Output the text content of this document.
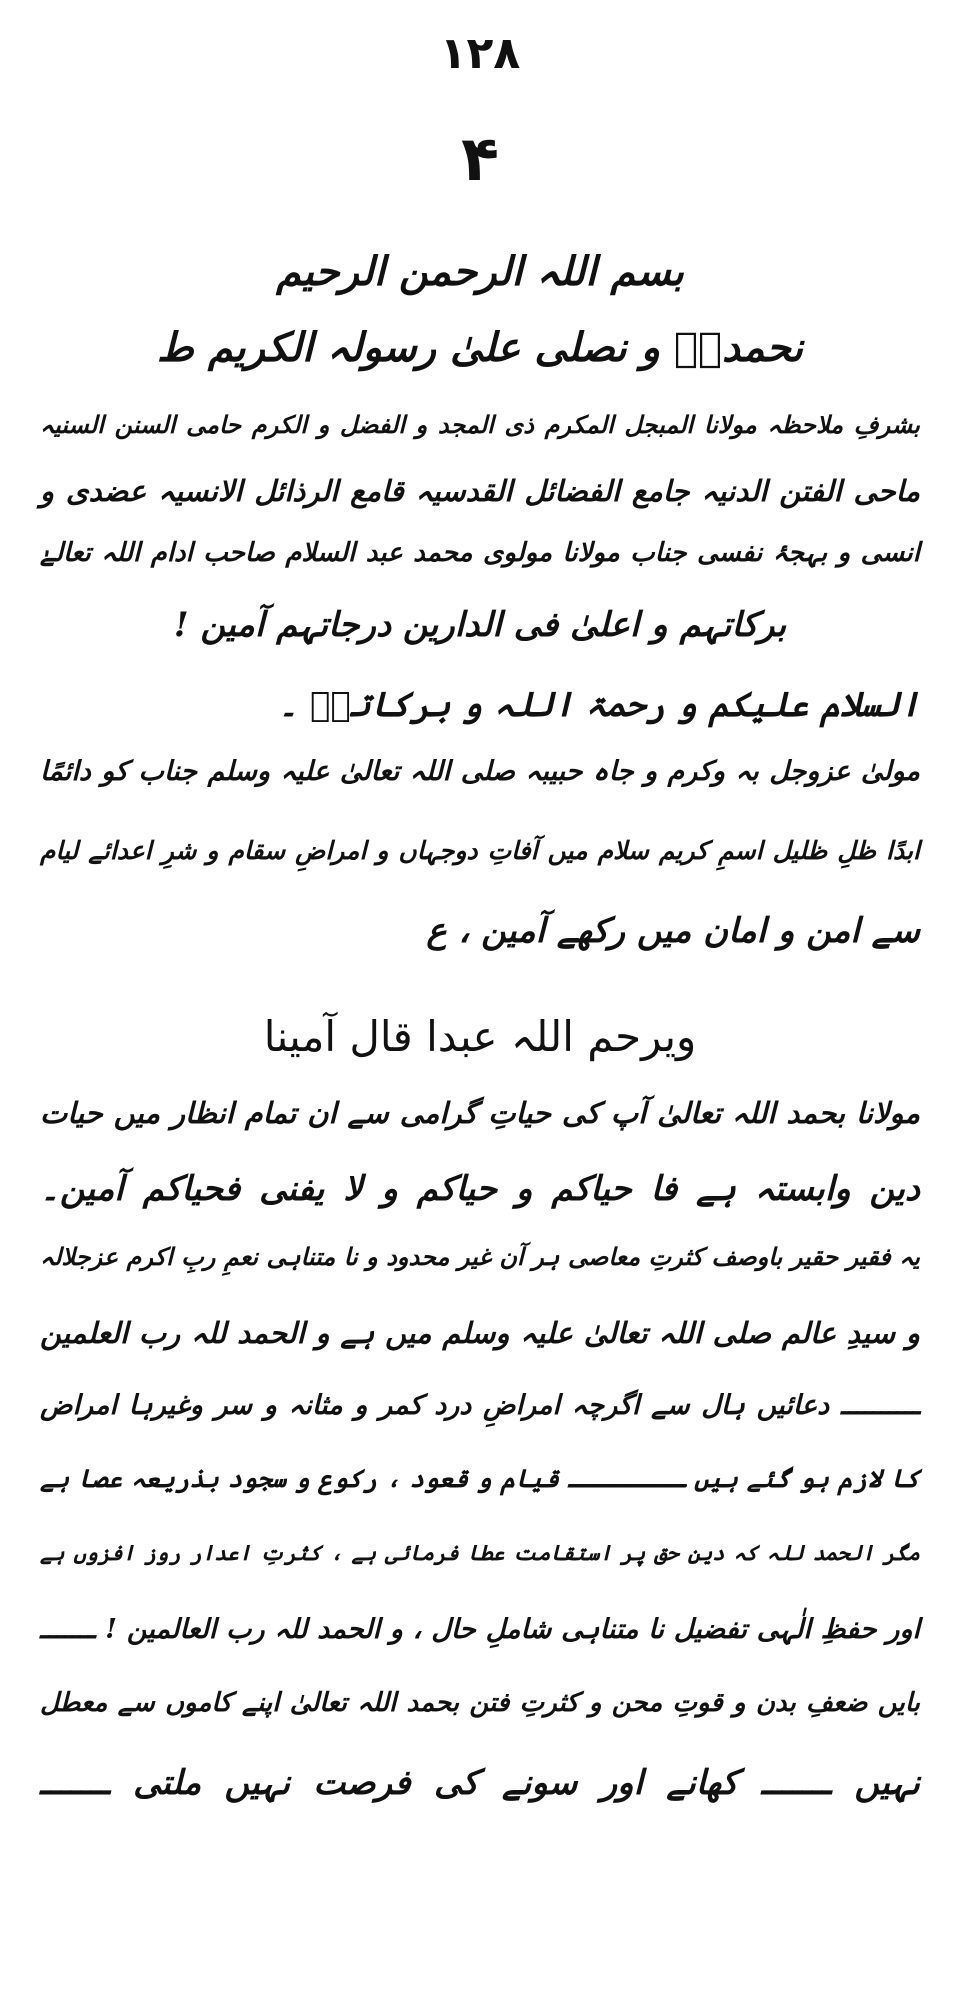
۱۲۸
۴
بسم اللہ الرحمن الرحیم
نحمدہٗ و نصلی علیٰ رسولہ الکریم ط
بشرفِ ملاحظہ مولانا المبجل المکرم ذی المجد و الفضل و الکرم حامی السنن السنیہ
ماحی الفتن الدنیہ جامع الفضائل القدسیہ قامع الرذائل الانسیہ عضدی و
انسی و بہجۂ نفسی جناب مولانا مولوی محمد عبد السلام صاحب ادام اللہ تعالےٰ
برکاتہم و اعلیٰ فی الدارین درجاتہم آمین !
السلام علیکم و رحمۃ اللہ و برکاتہٗ ۔
مولیٰ عزوجل بہ وکرم و جاہ حبیبہ صلی اللہ تعالیٰ علیہ وسلم جناب کو دائمًا
ابدًا ظلِ ظلیل اسمِ کریم سلام میں آفاتِ دوجہاں و امراضِ سقام و شرِ اعدائے لیام
سے امن و امان میں رکھے آمین ، ع
ویرحم اللہ عبدا قال آمینا
مولانا بحمد اللہ تعالیٰ آپ کی حیاتِ گرامی سے ان تمام انظار میں حیات
دین وابستہ ہے فا حیاکم و حیاکم و لا یفنی فحیاکم آمین۔
یہ فقیر حقیر باوصف کثرتِ معاصی ہر آن غیر محدود و نا متناہی نعمِ ربِ اکرم عزجلالہ
و سیدِ عالم صلی اللہ تعالیٰ علیہ وسلم میں ہے و الحمد للہ رب العلمین
ــــــــــ دعائیں ہال سے اگرچہ امراضِ درد کمر و مثانہ و سر وغیرہا امراض
کا لازم ہو گئے ہیں ــــــــ قیام و قعود ، رکوع و سجود بذریعہ عصا ہے
مگر الحمد للہ کہ دینِ حق پر استقامت عطا فرمائی ہے ، کثرتِ اعدار روز افزوں ہے
اور حفظِ الٰہی تفضیل نا متناہی شاملِ حال ، و الحمد للہ رب العالمین ! ـــــــ
بایں ضعفِ بدن و قوتِ محن و کثرتِ فتن بحمد اللہ تعالیٰ اپنے کاموں سے معطل
نہیں ـــــــ کھانے اور سونے کی فرصت نہیں ملتی ـــــــ
